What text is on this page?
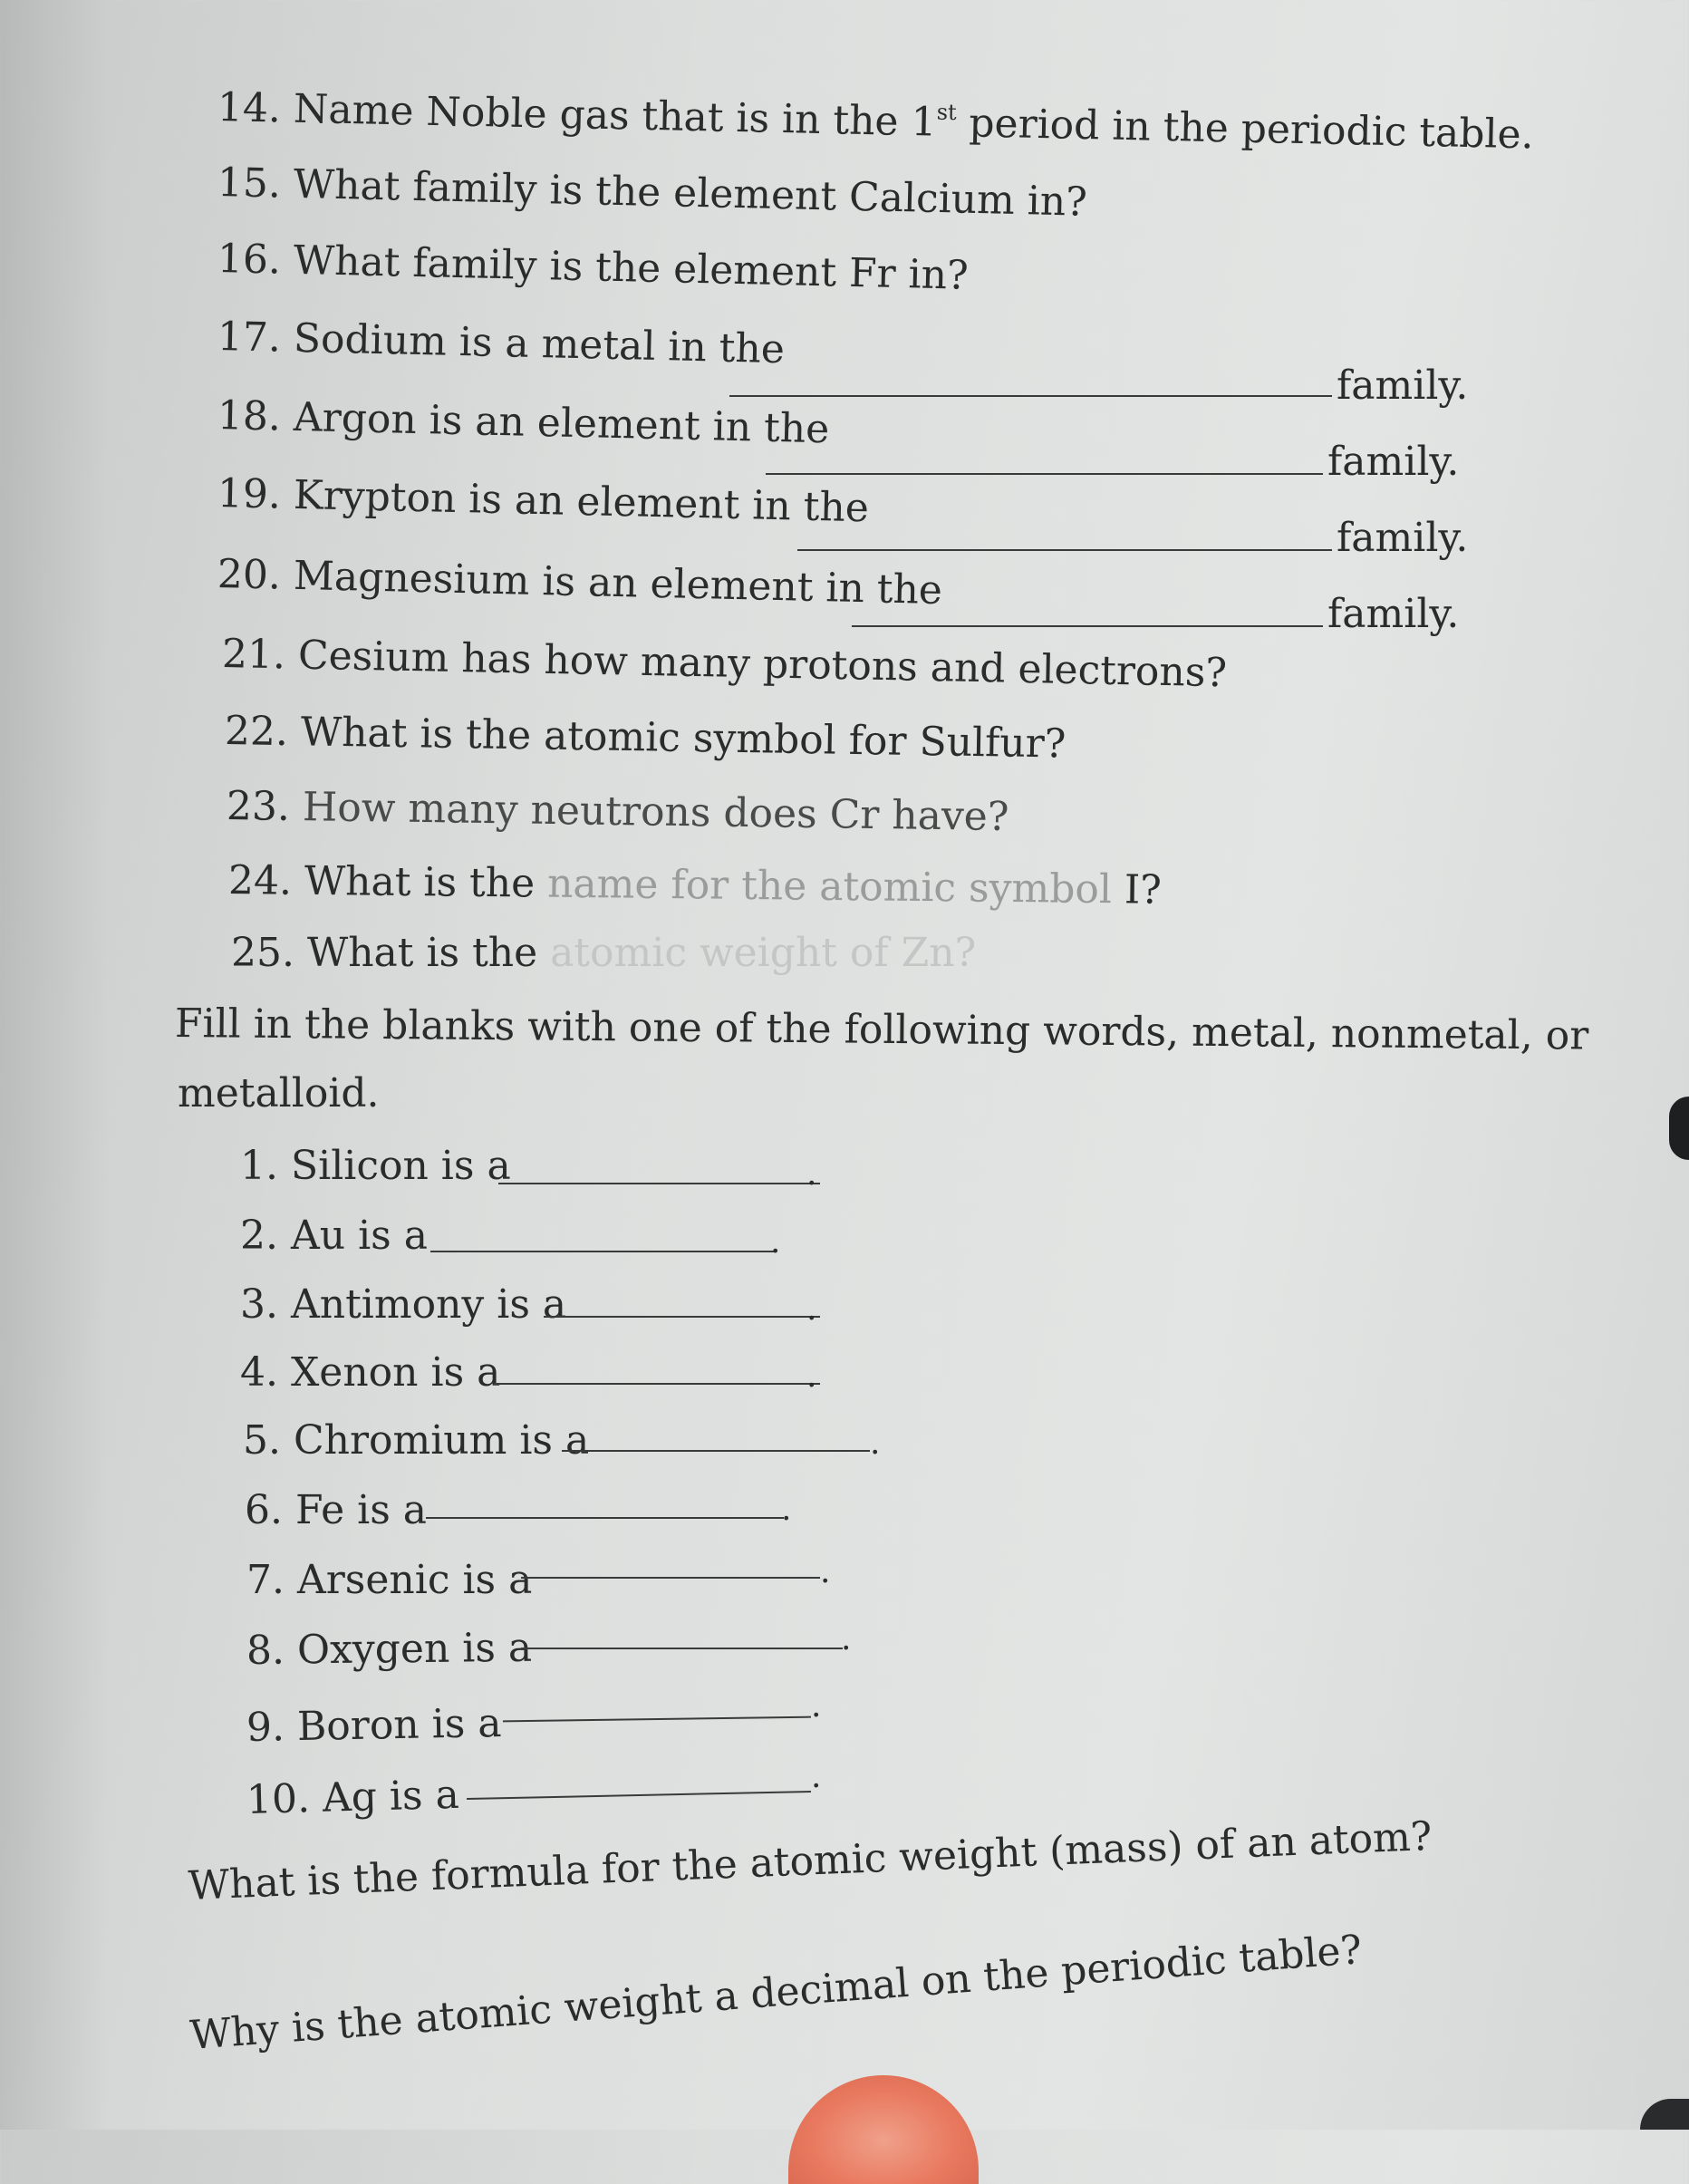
14. Name Noble gas that is in the 1st period in the periodic table.
15. What family is the element Calcium in?
16. What family is the element Fr in?
17. Sodium is a metal in the
family.
18. Argon is an element in the
family.
19. Krypton is an element in the
family.
20. Magnesium is an element in the
family.
21. Cesium has how many protons and electrons?
22. What is the atomic symbol for Sulfur?
23. How many neutrons does Cr have?
24. What is the name for the atomic symbol I?
25. What is the atomic weight of Zn?
Fill in the blanks with one of the following words, metal, nonmetal, or
metalloid.
1. Silicon is a	.
2. Au is a	.
3. Antimony is a	.
4. Xenon is a	.
5. Chromium is a	.
6. Fe is a	.
7. Arsenic is a	.
8. Oxygen is a	.
9. Boron is a	.
10. Ag is a	.
What is the formula for the atomic weight (mass) of an atom?
Why is the atomic weight a decimal on the periodic table?
